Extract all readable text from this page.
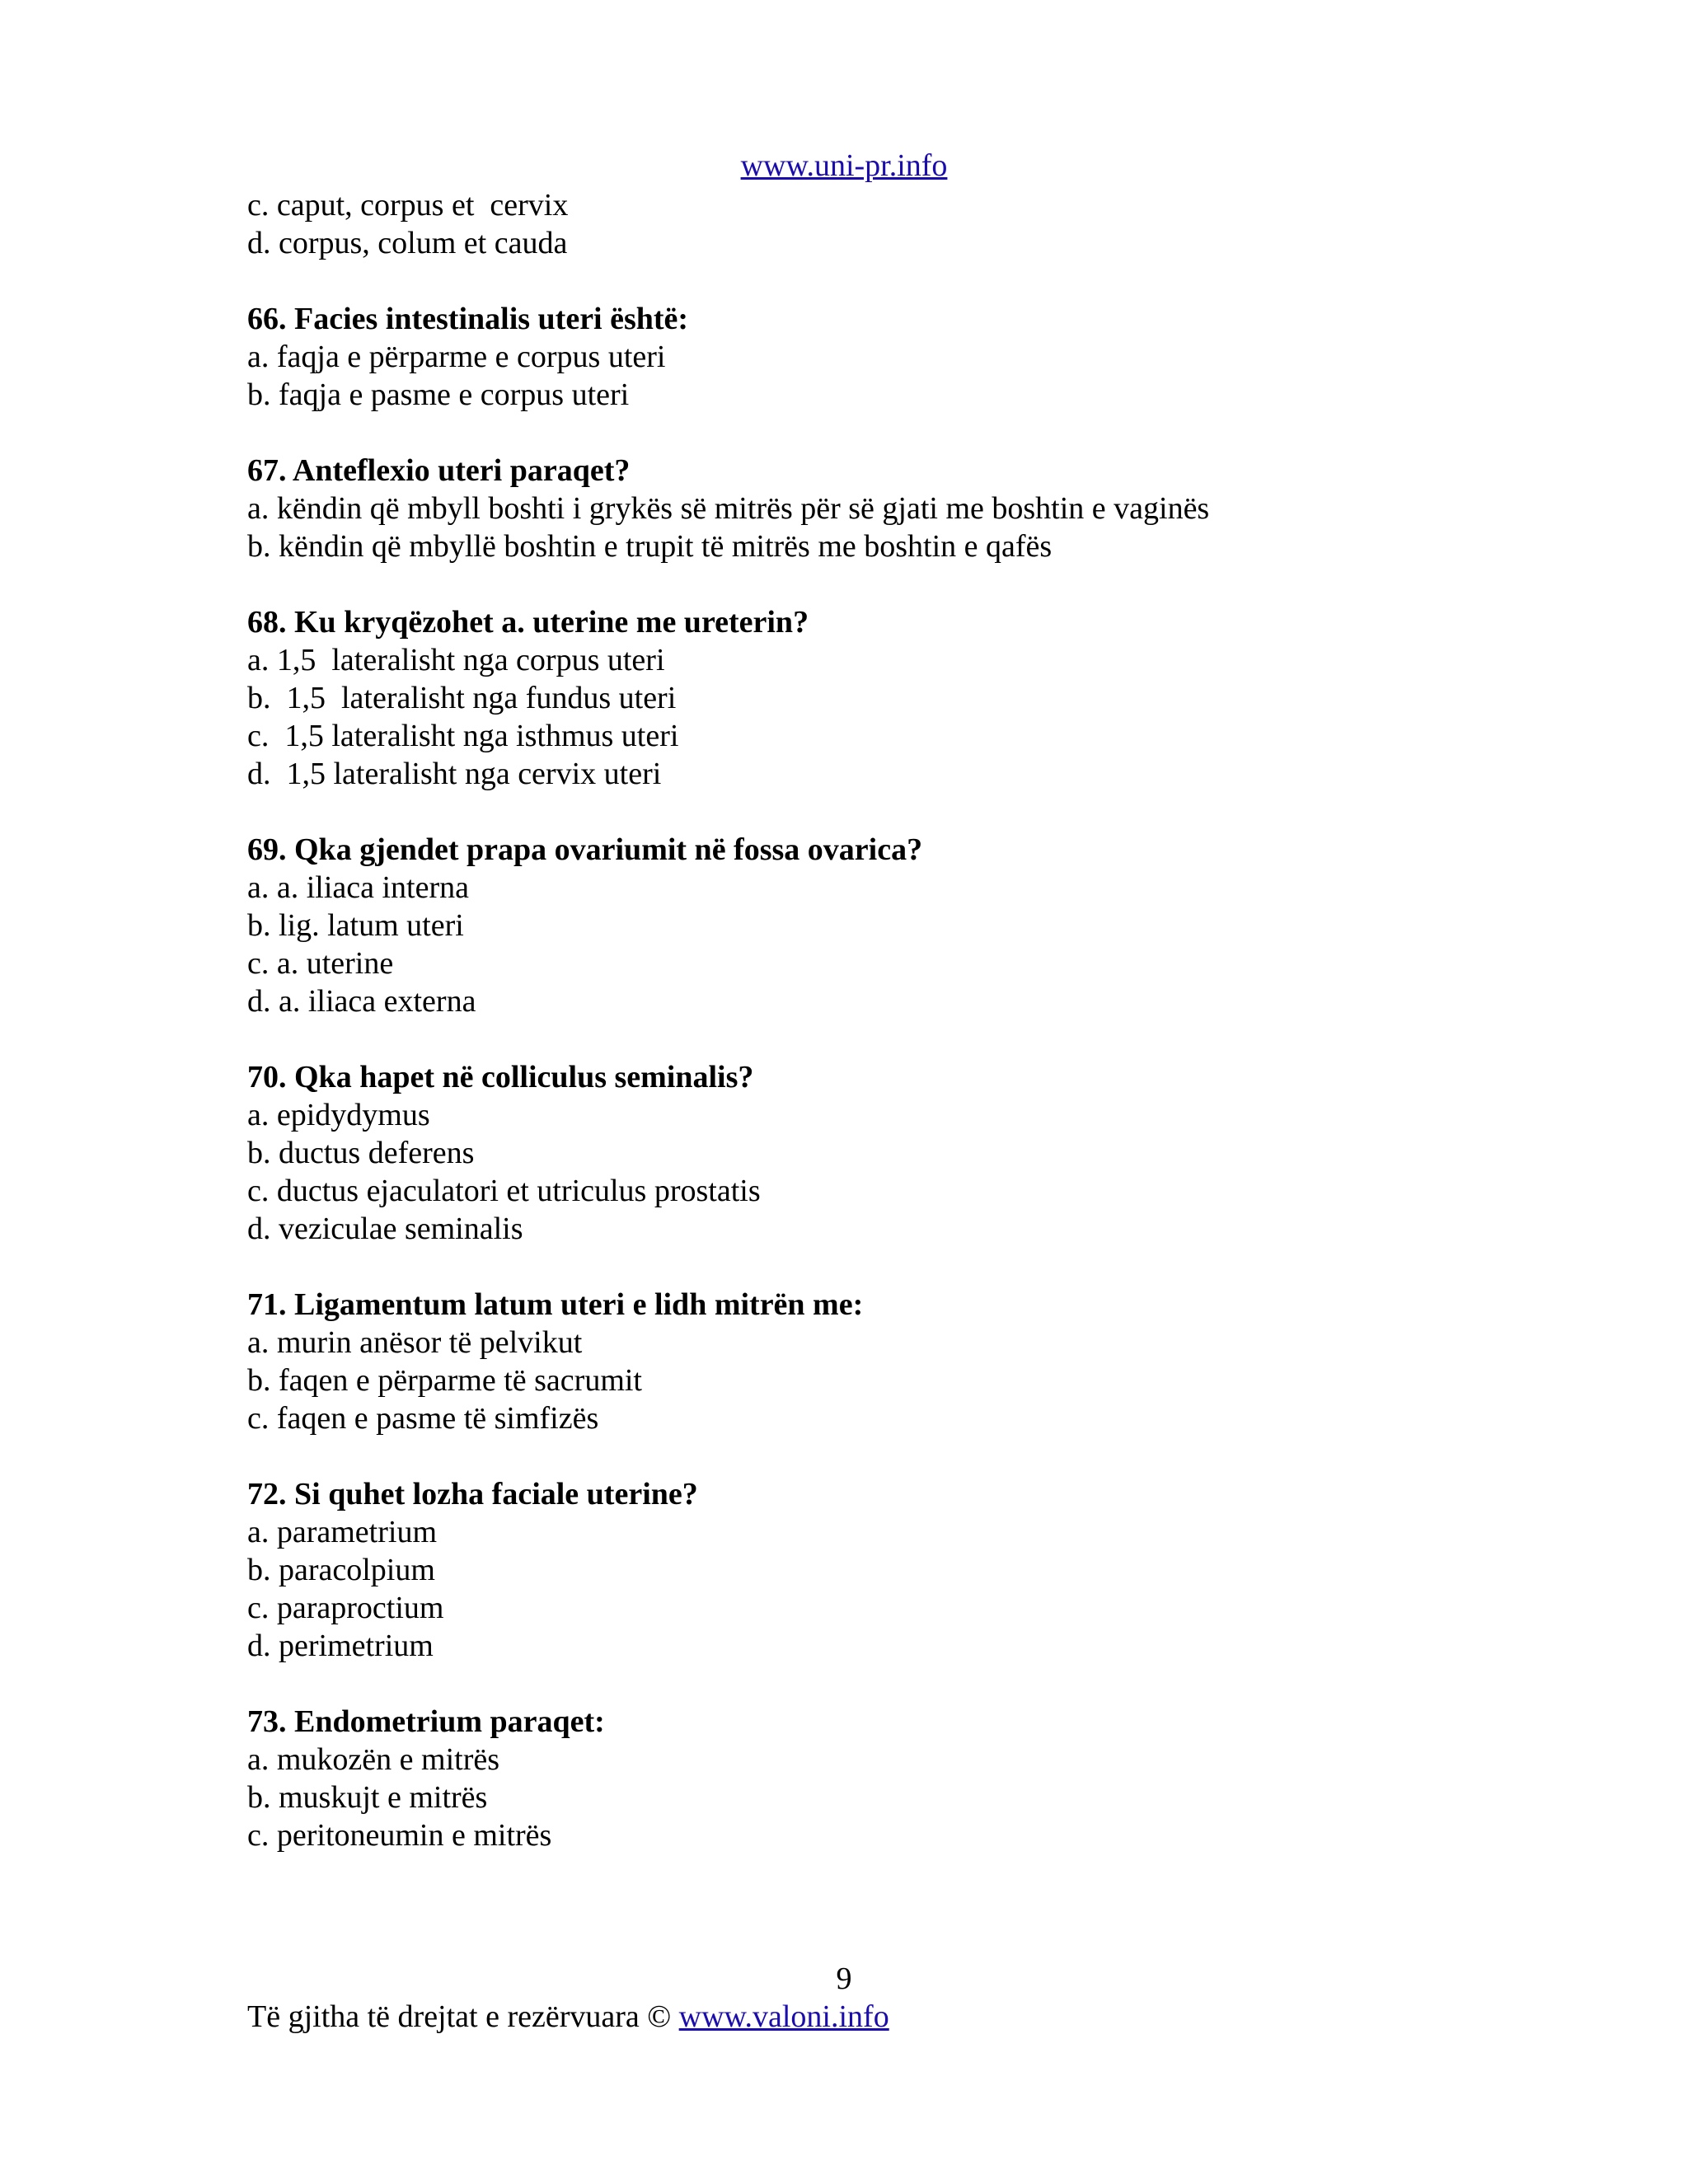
www.uni-pr.info
c. caput, corpus et  cervix
d. corpus, colum et cauda
66. Facies intestinalis uteri është:
a. faqja e përparme e corpus uteri
b. faqja e pasme e corpus uteri
67. Anteflexio uteri paraqet?
a. këndin që mbyll boshti i grykës së mitrës për së gjati me boshtin e vaginës
b. këndin që mbyllë boshtin e trupit të mitrës me boshtin e qafës
68. Ku kryqëzohet a. uterine me ureterin?
a. 1,5  lateralisht nga corpus uteri
b.  1,5  lateralisht nga fundus uteri
c.  1,5 lateralisht nga isthmus uteri
d.  1,5 lateralisht nga cervix uteri
69. Qka gjendet prapa ovariumit në fossa ovarica?
a. a. iliaca interna
b. lig. latum uteri
c. a. uterine
d. a. iliaca externa
70. Qka hapet në colliculus seminalis?
a. epidydymus
b. ductus deferens
c. ductus ejaculatori et utriculus prostatis
d. veziculae seminalis
71. Ligamentum latum uteri e lidh mitrën me:
a. murin anësor të pelvikut
b. faqen e përparme të sacrumit
c. faqen e pasme të simfizës
72. Si quhet lozha faciale uterine?
a. parametrium
b. paracolpium
c. paraproctium
d. perimetrium
73. Endometrium paraqet:
a. mukozën e mitrës
b. muskujt e mitrës
c. peritoneumin e mitrës
9
Të gjitha të drejtat e rezërvuara © www.valoni.info
